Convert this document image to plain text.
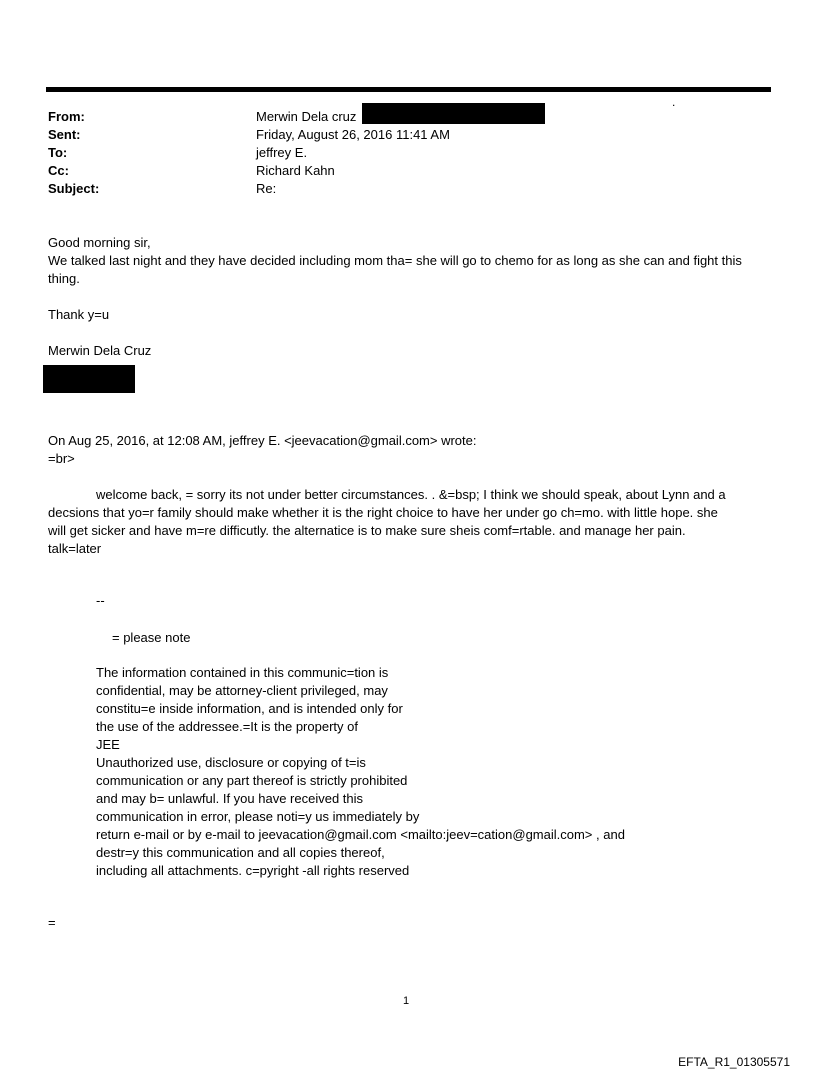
.
From:	Merwin Dela cruz
Sent:	Friday, August 26, 2016 11:41 AM
To:	jeffrey E.
Cc:	Richard Kahn
Subject:	Re:
Good morning sir,
We talked last night and they have decided including mom tha= she will go to chemo for as long as she can and fight this
thing.
Thank y=u
Merwin Dela Cruz
On Aug 25, 2016, at 12:08 AM, jeffrey E. <jeevacation@gmail.com> wrote:
=br>
welcome back, = sorry its not under better circumstances. . &=bsp; I think we should speak, about Lynn and a
decsions that yo=r family should make whether it is the right choice to have her under go ch=mo. with little hope. she
will get sicker and have m=re difficutly. the alternatice is to make sure sheis comf=rtable. and manage her pain.
talk=later
--
= please note
The information contained in this communic=tion is
confidential, may be attorney-client privileged, may
constitu=e inside information, and is intended only for
the use of the addressee.=It is the property of
JEE
Unauthorized use, disclosure or copying of t=is
communication or any part thereof is strictly prohibited
and may b= unlawful. If you have received this
communication in error, please noti=y us immediately by
return e-mail or by e-mail to jeevacation@gmail.com <mailto:jeev=cation@gmail.com> , and
destr=y this communication and all copies thereof,
including all attachments. c=pyright -all rights reserved
=
1
EFTA_R1_01305571
